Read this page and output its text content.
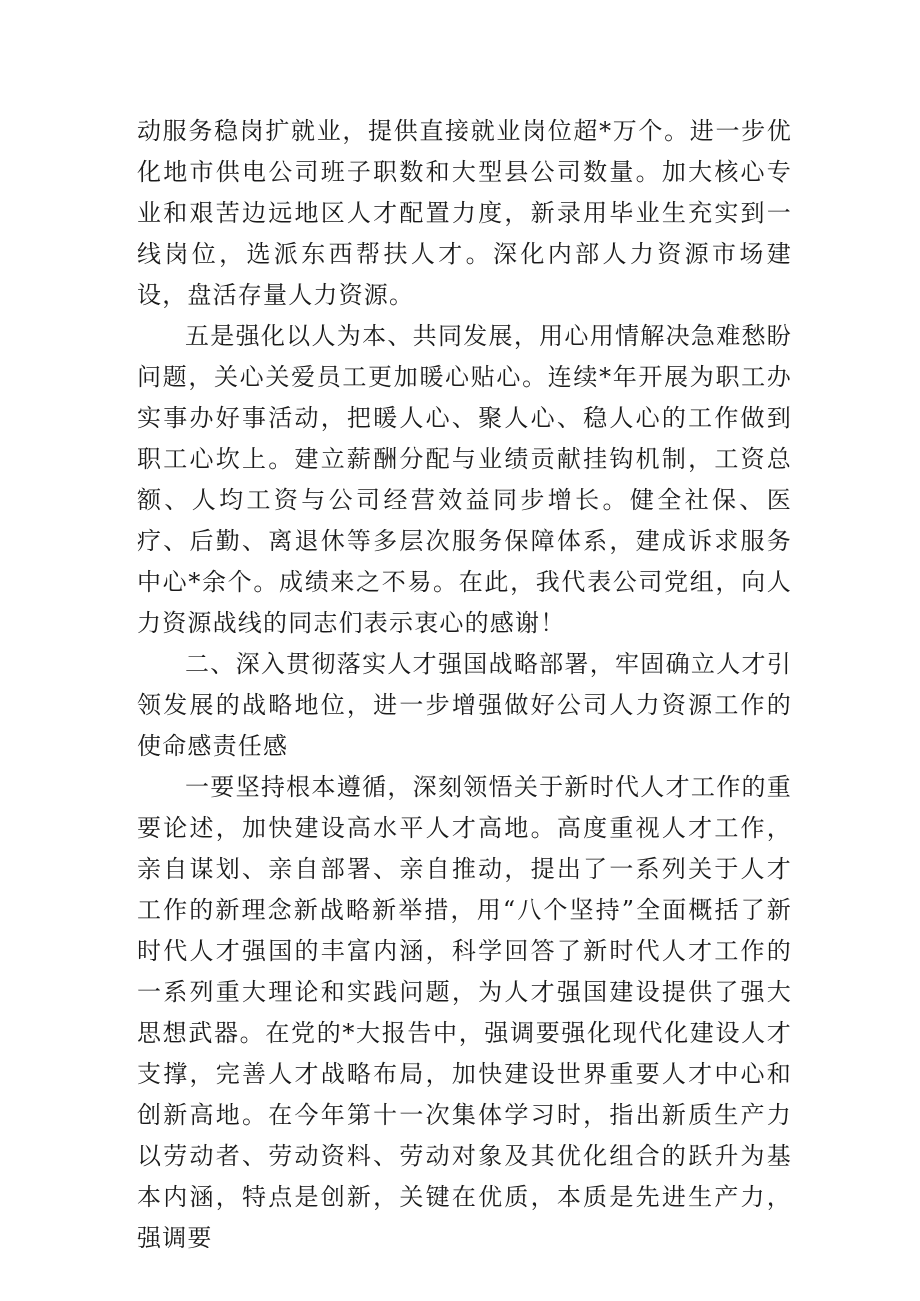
动服务稳岗扩就业，提供直接就业岗位超*万个。进一步优化地市供电公司班子职数和大型县公司数量。加大核心专业和艰苦边远地区人才配置力度，新录用毕业生充实到一线岗位，选派东西帮扶人才。深化内部人力资源市场建设，盘活存量人力资源。

五是强化以人为本、共同发展，用心用情解决急难愁盼问题，关心关爱员工更加暖心贴心。连续*年开展为职工办实事办好事活动，把暖人心、聚人心、稳人心的工作做到职工心坎上。建立薪酬分配与业绩贡献挂钩机制，工资总额、人均工资与公司经营效益同步增长。健全社保、医疗、后勤、离退休等多层次服务保障体系，建成诉求服务中心*余个。成绩来之不易。在此，我代表公司党组，向人力资源战线的同志们表示衷心的感谢！

二、深入贯彻落实人才强国战略部署，牢固确立人才引领发展的战略地位，进一步增强做好公司人力资源工作的使命感责任感

一要坚持根本遵循，深刻领悟关于新时代人才工作的重要论述，加快建设高水平人才高地。高度重视人才工作，亲自谋划、亲自部署、亲自推动，提出了一系列关于人才工作的新理念新战略新举措，用“八个坚持”全面概括了新时代人才强国的丰富内涵，科学回答了新时代人才工作的一系列重大理论和实践问题，为人才强国建设提供了强大思想武器。在党的*大报告中，强调要强化现代化建设人才支撑，完善人才战略布局，加快建设世界重要人才中心和创新高地。在今年第十一次集体学习时，指出新质生产力以劳动者、劳动资料、劳动对象及其优化组合的跃升为基本内涵，特点是创新，关键在优质，本质是先进生产力，强调要
